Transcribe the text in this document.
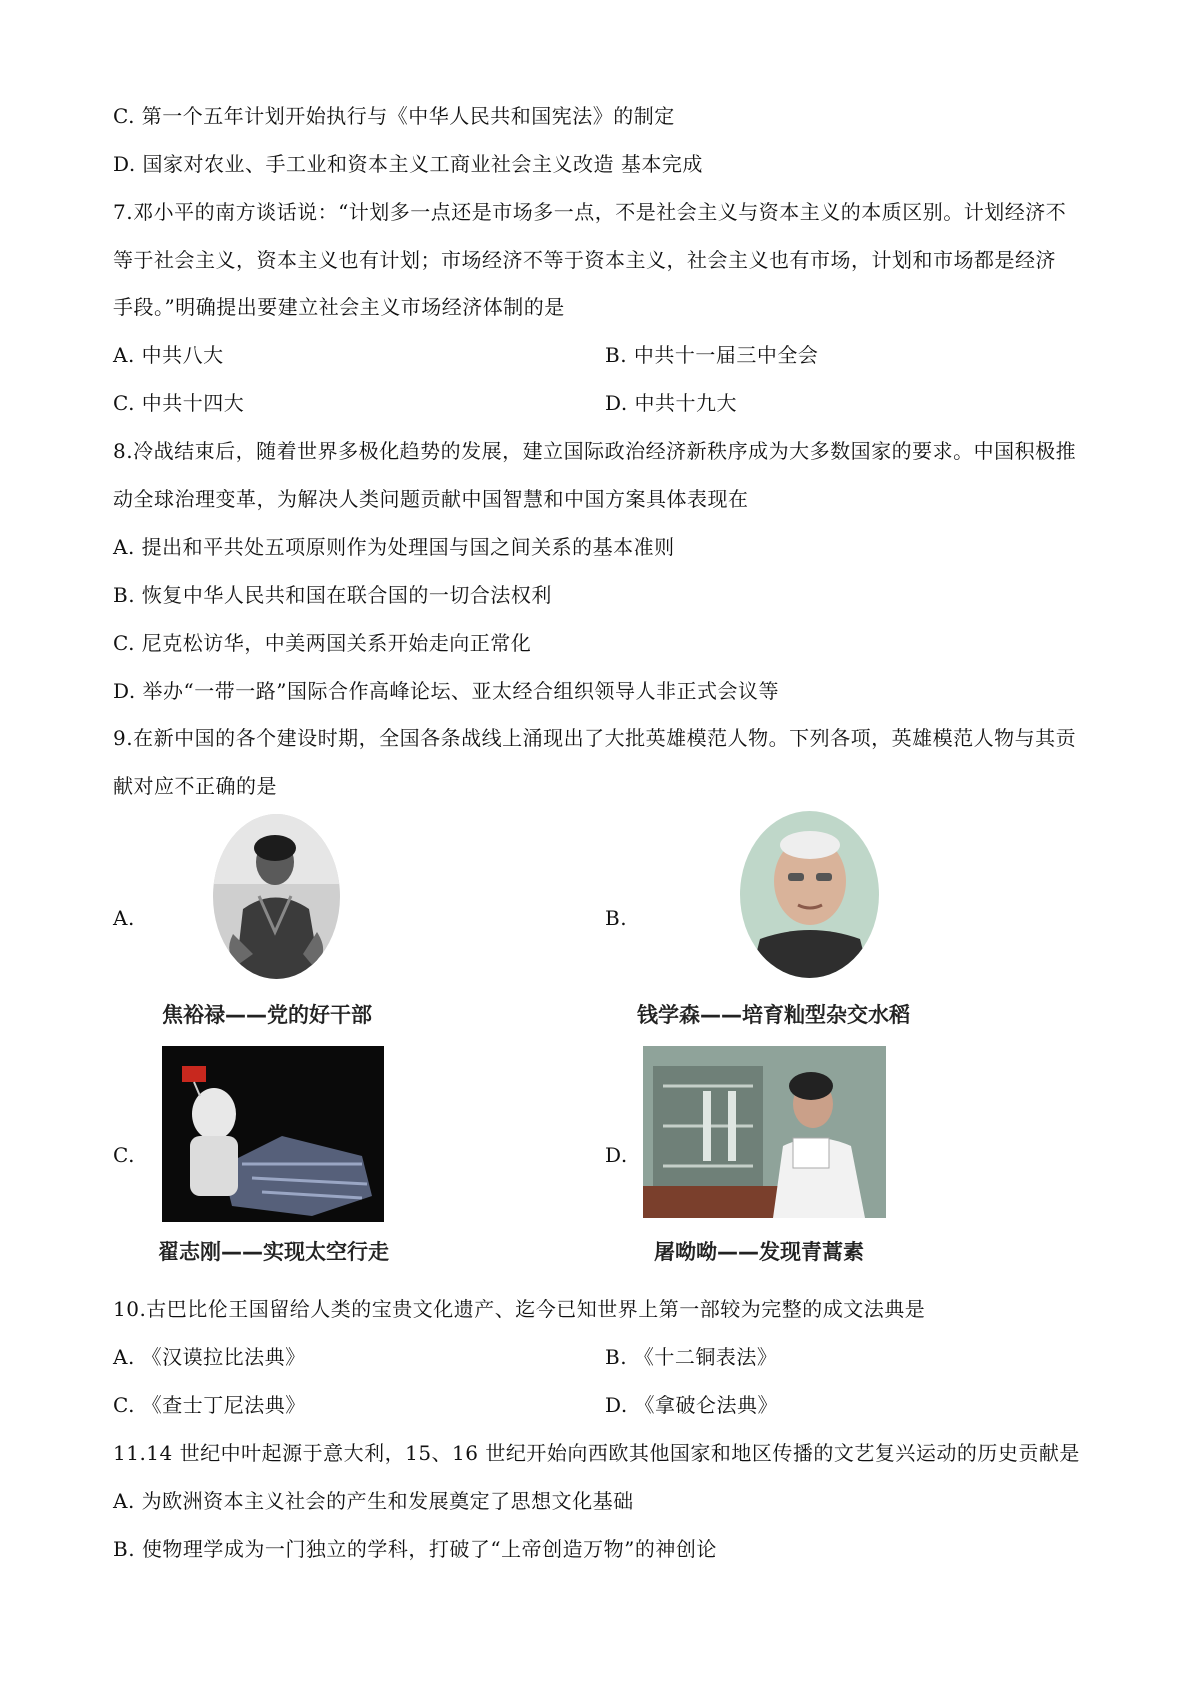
C. 第一个五年计划开始执行与《中华人民共和国宪法》的制定
D. 国家对农业、手工业和资本主义工商业社会主义改造 基本完成
7.邓小平的南方谈话说：“计划多一点还是市场多一点，不是社会主义与资本主义的本质区别。计划经济不
等于社会主义，资本主义也有计划；市场经济不等于资本主义，社会主义也有市场，计划和市场都是经济
手段。”明确提出要建立社会主义市场经济体制的是
A. 中共八大	B. 中共十一届三中全会
C. 中共十四大	D. 中共十九大
8.冷战结束后，随着世界多极化趋势的发展，建立国际政治经济新秩序成为大多数国家的要求。中国积极推
动全球治理变革，为解决人类问题贡献中国智慧和中国方案具体表现在
A. 提出和平共处五项原则作为处理国与国之间关系的基本准则
B. 恢复中华人民共和国在联合国的一切合法权利
C. 尼克松访华，中美两国关系开始走向正常化
D. 举办“一带一路”国际合作高峰论坛、亚太经合组织领导人非正式会议等
9.在新中国的各个建设时期，全国各条战线上涌现出了大批英雄模范人物。下列各项，英雄模范人物与其贡
献对应不正确的是
A.
焦裕禄——党的好干部
B.
钱学森——培育籼型杂交水稻
C.
翟志刚——实现太空行走
D.
屠呦呦——发现青蒿素
10.古巴比伦王国留给人类的宝贵文化遗产、迄今已知世界上第一部较为完整的成文法典是
A. 《汉谟拉比法典》	B. 《十二铜表法》
C. 《查士丁尼法典》	D. 《拿破仑法典》
11.14 世纪中叶起源于意大利，15、16 世纪开始向西欧其他国家和地区传播的文艺复兴运动的历史贡献是
A. 为欧洲资本主义社会的产生和发展奠定了思想文化基础
B. 使物理学成为一门独立的学科，打破了“上帝创造万物”的神创论
